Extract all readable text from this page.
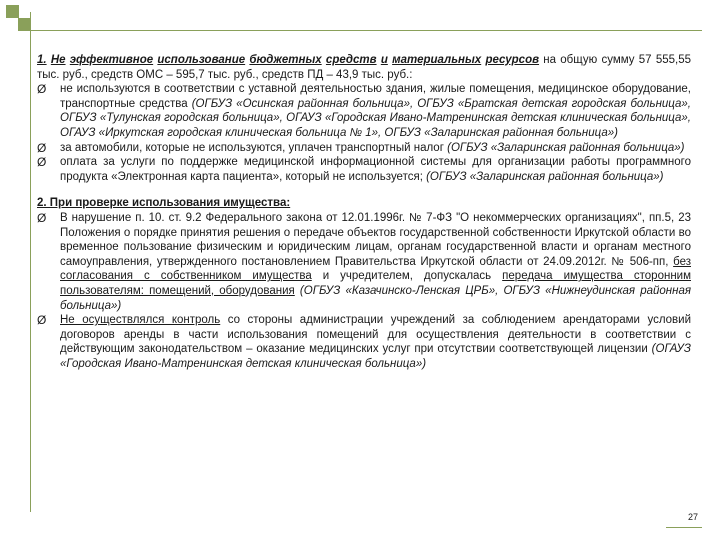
1. Не эффективное использование бюджетных средств и материальных ресурсов на общую сумму 57 555,55 тыс. руб., средств ОМС – 595,7 тыс. руб., средств ПД – 43,9 тыс. руб.:
Ø не используются в соответствии с уставной деятельностью здания, жилые помещения, медицинское оборудование, транспортные средства (ОГБУЗ «Осинская районная больница», ОГБУЗ «Братская детская городская больница», ОГБУЗ «Тулунская городская больница», ОГАУЗ «Городская Ивано-Матренинская детская клиническая больница», ОГАУЗ «Иркутская городская клиническая больница № 1», ОГБУЗ «Заларинская районная больница»)
Ø за автомобили, которые не используются, уплачен транспортный налог (ОГБУЗ «Заларинская районная больница»)
Ø оплата за услуги по поддержке медицинской информационной системы для организации работы программного продукта «Электронная карта пациента», который не используется; (ОГБУЗ «Заларинская районная больница»)
2. При проверке использования имущества:
Ø В нарушение п. 10. ст. 9.2 Федерального закона от 12.01.1996г. № 7-ФЗ "О некоммерческих организациях", пп.5, 23 Положения о порядке принятия решения о передаче объектов государственной собственности Иркутской области во временное пользование физическим и юридическим лицам, органам государственной власти и органам местного самоуправления, утвержденного постановлением Правительства Иркутской области от 24.09.2012г. № 506-пп, без согласования с собственником имущества и учредителем, допускалась передача имущества сторонним пользователям: помещений, оборудования (ОГБУЗ «Казачинско-Ленская ЦРБ», ОГБУЗ «Нижнеудинская районная больница»)
Ø Не осуществлялся контроль со стороны администрации учреждений за соблюдением арендаторами условий договоров аренды в части использования помещений для осуществления деятельности в соответствии с действующим законодательством – оказание медицинских услуг при отсутствии соответствующей лицензии (ОГАУЗ «Городская Ивано-Матренинская детская клиническая больница»)
27
